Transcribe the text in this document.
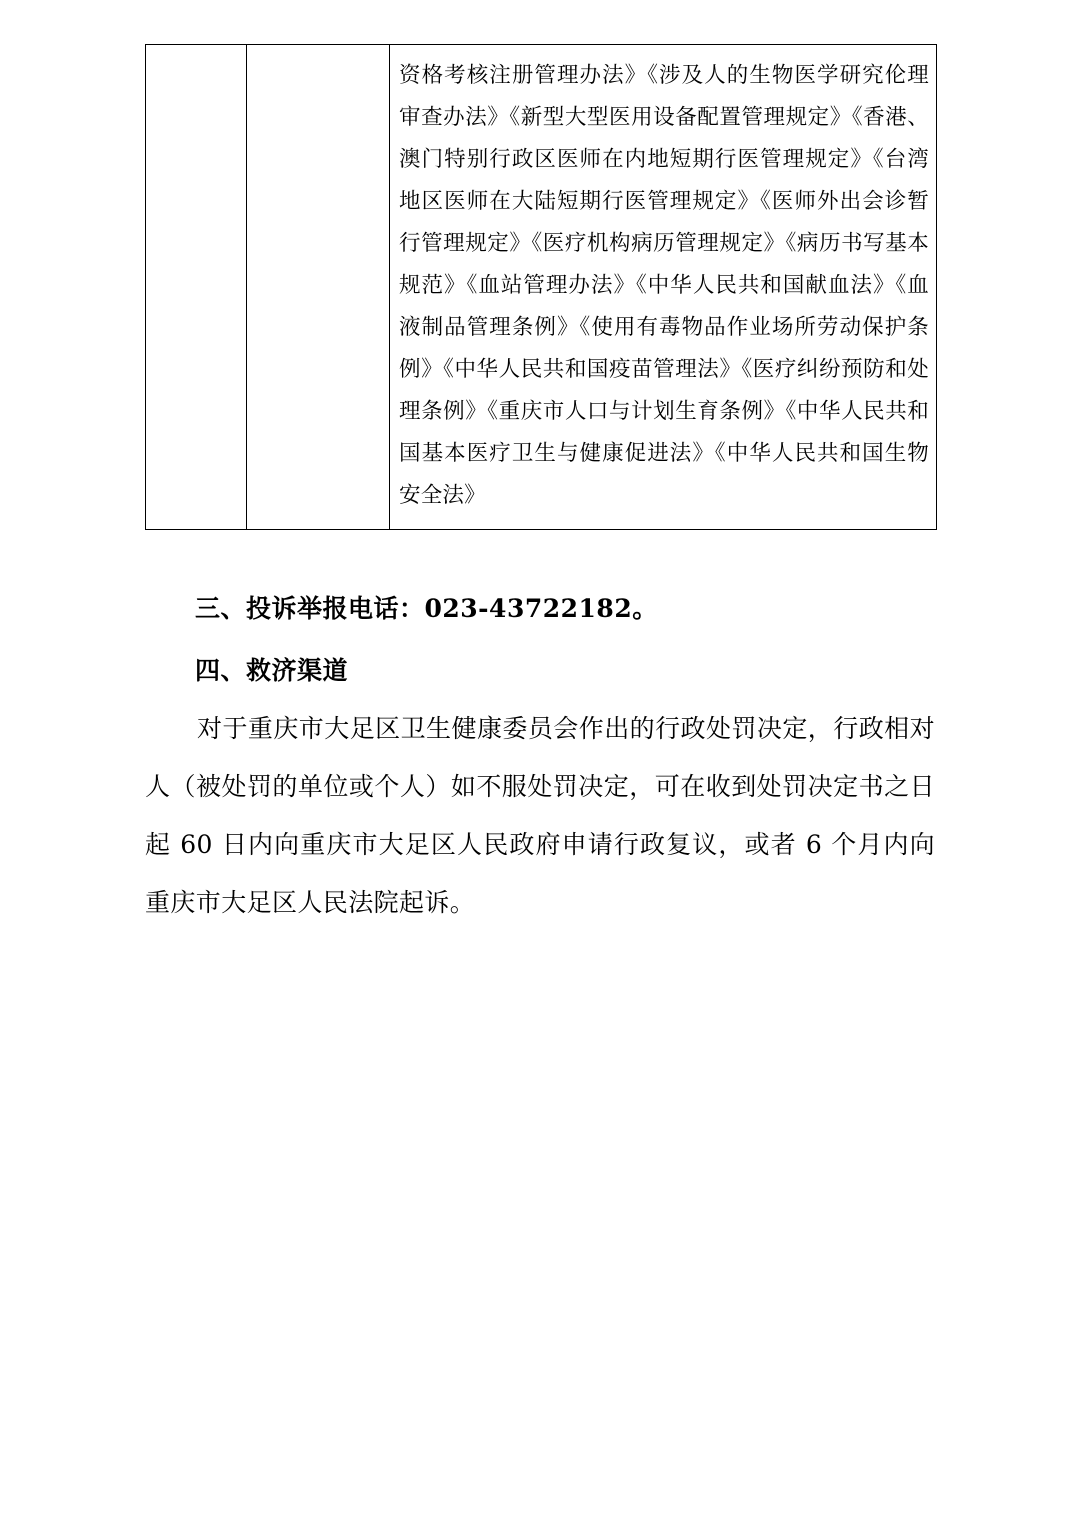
资格考核注册管理办法》《涉及人的生物医学研究伦理审查办法》《新型大型医用设备配置管理规定》《香港、澳门特别行政区医师在内地短期行医管理规定》《台湾地区医师在大陆短期行医管理规定》《医师外出会诊暂行管理规定》《医疗机构病历管理规定》《病历书写基本规范》《血站管理办法》《中华人民共和国献血法》《血液制品管理条例》《使用有毒物品作业场所劳动保护条例》《中华人民共和国疫苗管理法》《医疗纠纷预防和处理条例》《重庆市人口与计划生育条例》《中华人民共和国基本医疗卫生与健康促进法》《中华人民共和国生物安全法》
三、投诉举报电话：023-43722182。
四、救济渠道
对于重庆市大足区卫生健康委员会作出的行政处罚决定，行政相对人（被处罚的单位或个人）如不服处罚决定，可在收到处罚决定书之日起 60 日内向重庆市大足区人民政府申请行政复议，或者 6 个月内向重庆市大足区人民法院起诉。
